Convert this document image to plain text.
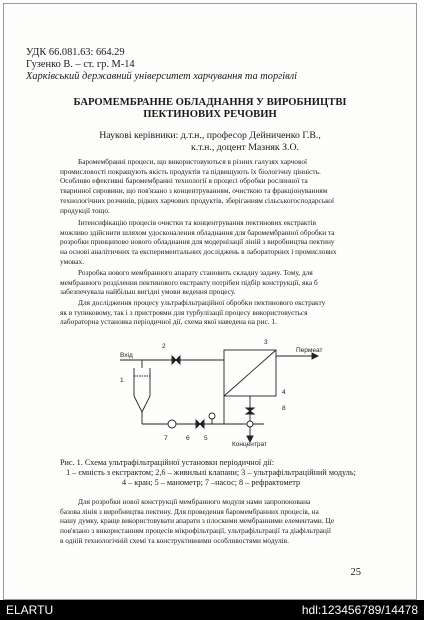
УДК 66.081.63: 664.29
Гузенко В. – ст. гр. М-14
Харківський державний університет харчування та торгівлі
БАРОМЕМБРАННЕ ОБЛАДНАННЯ У ВИРОБНИЦТВІ
ПЕКТИНОВИХ РЕЧОВИН
Наукові керівники: д.т.н., професор Дейниченко Г.В.,
к.т.н., доцент Мазняк З.О.
Баромембранні процеси, що використовуються в різних галузях харчової
промисловості покращують якість продуктів та підвищують їх біологічну цінність.
Особливо ефективні баромембранні технології в процесі обробки рослинної та
тваринної сировини, що пов'язано з концентруванням, очисткою та фракціонуванням
технологічних розчинів, рідких харчових продуктів, зберіганням сільськогосподарської
продукції тощо.
Інтенсифікацію процесів очистки та концентрування пектинових екстрактів
можливо здійснити шляхом удосконалення обладнання для баромембранної обробки та
розробки принципово нового обладнання для модернізації ліній з виробництва пектину
на основі аналітичних та експериментальних досліджень в лабораторних і промислових
умовах.
Розробка нового мембранного апарату становить складну задачу. Тому, для
мембранного розділення пектинового екстракту потрібен підбір конструкції, яка б
забезпечувала найбільш вигідні умови ведення процесу.
Для дослідження процесу ультрафільтраційної обробки пектинового екстракту
як в тупиковому, так і з пристроями для турбулізації процесу використовується
лабораторна установка періодичної дії, схема якої наведена на рис. 1.
Вхід
Пермеат
Концентрат
1
2
3
4
5
6
7
8
Рис. 1. Схема ультрафільтраційної установки періодичної дії:
1 – ємність з екстрактом; 2,6 – живильні клапани; 3 – ультрафільтраційний модуль;
4 – кран; 5 – манометр; 7 –насос; 8 – рефрактометр
Для розробки нової конструкції мембранного модуля нами запропонована
базова лінія з виробництва пектину. Для проведення баромембранних процесів, на
нашу думку, краще використовувати апарати з плоскими мембранними елементами. Це
пов'язано з використанням процесів мікрофільтрації, ультрафільтрації та діафільтрації
в одній технологічній схемі та конструктивними особливостями модулів.
25
ELARTU	hdl:123456789/14478
